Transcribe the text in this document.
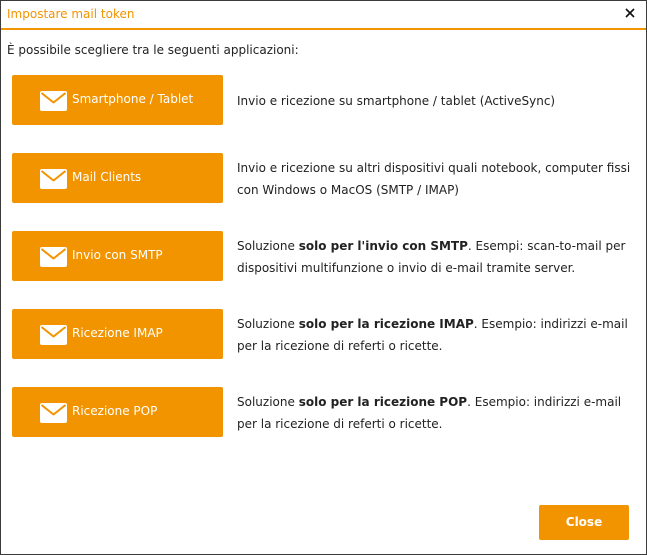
Impostare mail token
È possibile scegliere tra le seguenti applicazioni:
Smartphone / Tablet	Invio e ricezione su smartphone / tablet (ActiveSync)
Mail Clients
Invio e ricezione su altri dispositivi quali notebook, computer fissi con Windows o MacOS (SMTP / IMAP)
Invio con SMTP
Soluzione solo per l'invio con SMTP. Esempi: scan-to-mail per dispositivi multifunzione o invio di e-mail tramite server.
Ricezione IMAP
Soluzione solo per la ricezione IMAP. Esempio: indirizzi e-mail per la ricezione di referti o ricette.
Ricezione POP
Soluzione solo per la ricezione POP. Esempio: indirizzi e-mail per la ricezione di referti o ricette.
Close
